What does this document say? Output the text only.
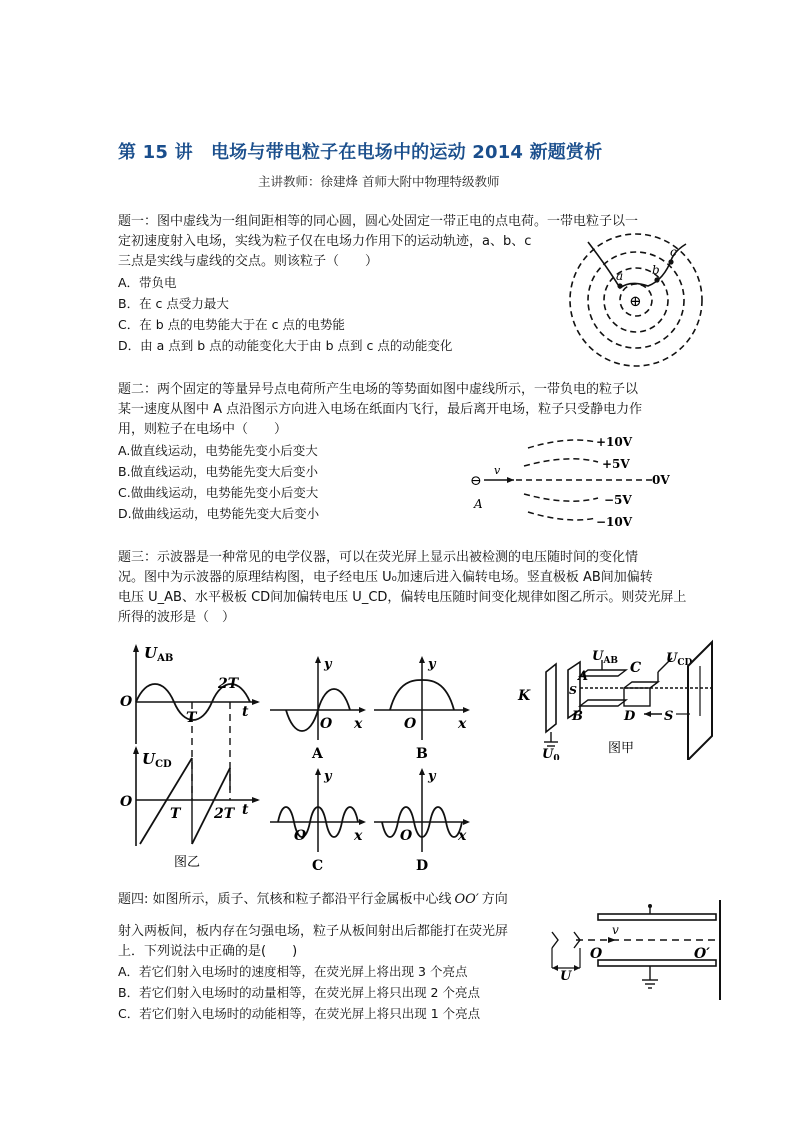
第 15 讲　电场与带电粒子在电场中的运动 2014 新题赏析
主讲教师：徐建烽 首师大附中物理特级教师
题一：图中虚线为一组间距相等的同心圆，圆心处固定一带正电的点电荷。一带电粒子以一
定初速度射入电场，实线为粒子仅在电场力作用下的运动轨迹，a、b、c
三点是实线与虚线的交点。则该粒子（　　）
A．带负电
B．在 c 点受力最大
C．在 b 点的电势能大于在 c 点的电势能
D．由 a 点到 b 点的动能变化大于由 b 点到 c 点的动能变化
a b
c
⊕
题二：两个固定的等量异号点电荷所产生电场的等势面如图中虚线所示，一带负电的粒子以
某一速度从图中 A 点沿图示方向进入电场在纸面内飞行，最后离开电场，粒子只受静电力作
用，则粒子在电场中（　　）
A.做直线运动，电势能先变小后变大
B.做直线运动，电势能先变大后变小
C.做曲线运动，电势能先变小后变大
D.做曲线运动，电势能先变大后变小
+10V
+5V
0V
−5V
−10V
v
A
⊖
题三：示波器是一种常见的电学仪器，可以在荧光屏上显示出被检测的电压随时间的变化情
况。图中为示波器的原理结构图，电子经电压 U₀加速后进入偏转电场。竖直极板 AB间加偏转
电压 U_AB、水平极板 CD间加偏转电压 U_CD，偏转电压随时间变化规律如图乙所示。则荧光屏上
所得的波形是（　）
$U_{AB}$
O
2T
T	t
$U_{CD}$
O
T 2T t
图乙
y
O x
A
y
O	x
B
y
O	x
C
y
O	x
D
K	S
$U_0$
A
B
$U_{AB}$ C
D
$U_{CD}$
S
图甲
题四: 如图所示，质子、氘核和粒子都沿平行金属板中心线 OO′ 方向
射入两板间，板内存在匀强电场，粒子从板间射出后都能打在荧光屏
上．下列说法中正确的是(　　)
A．若它们射入电场时的速度相等，在荧光屏上将出现 3 个亮点
B．若它们射入电场时的动量相等，在荧光屏上将只出现 2 个亮点
C．若它们射入电场时的动能相等，在荧光屏上将只出现 1 个亮点
v
O	O′
U
